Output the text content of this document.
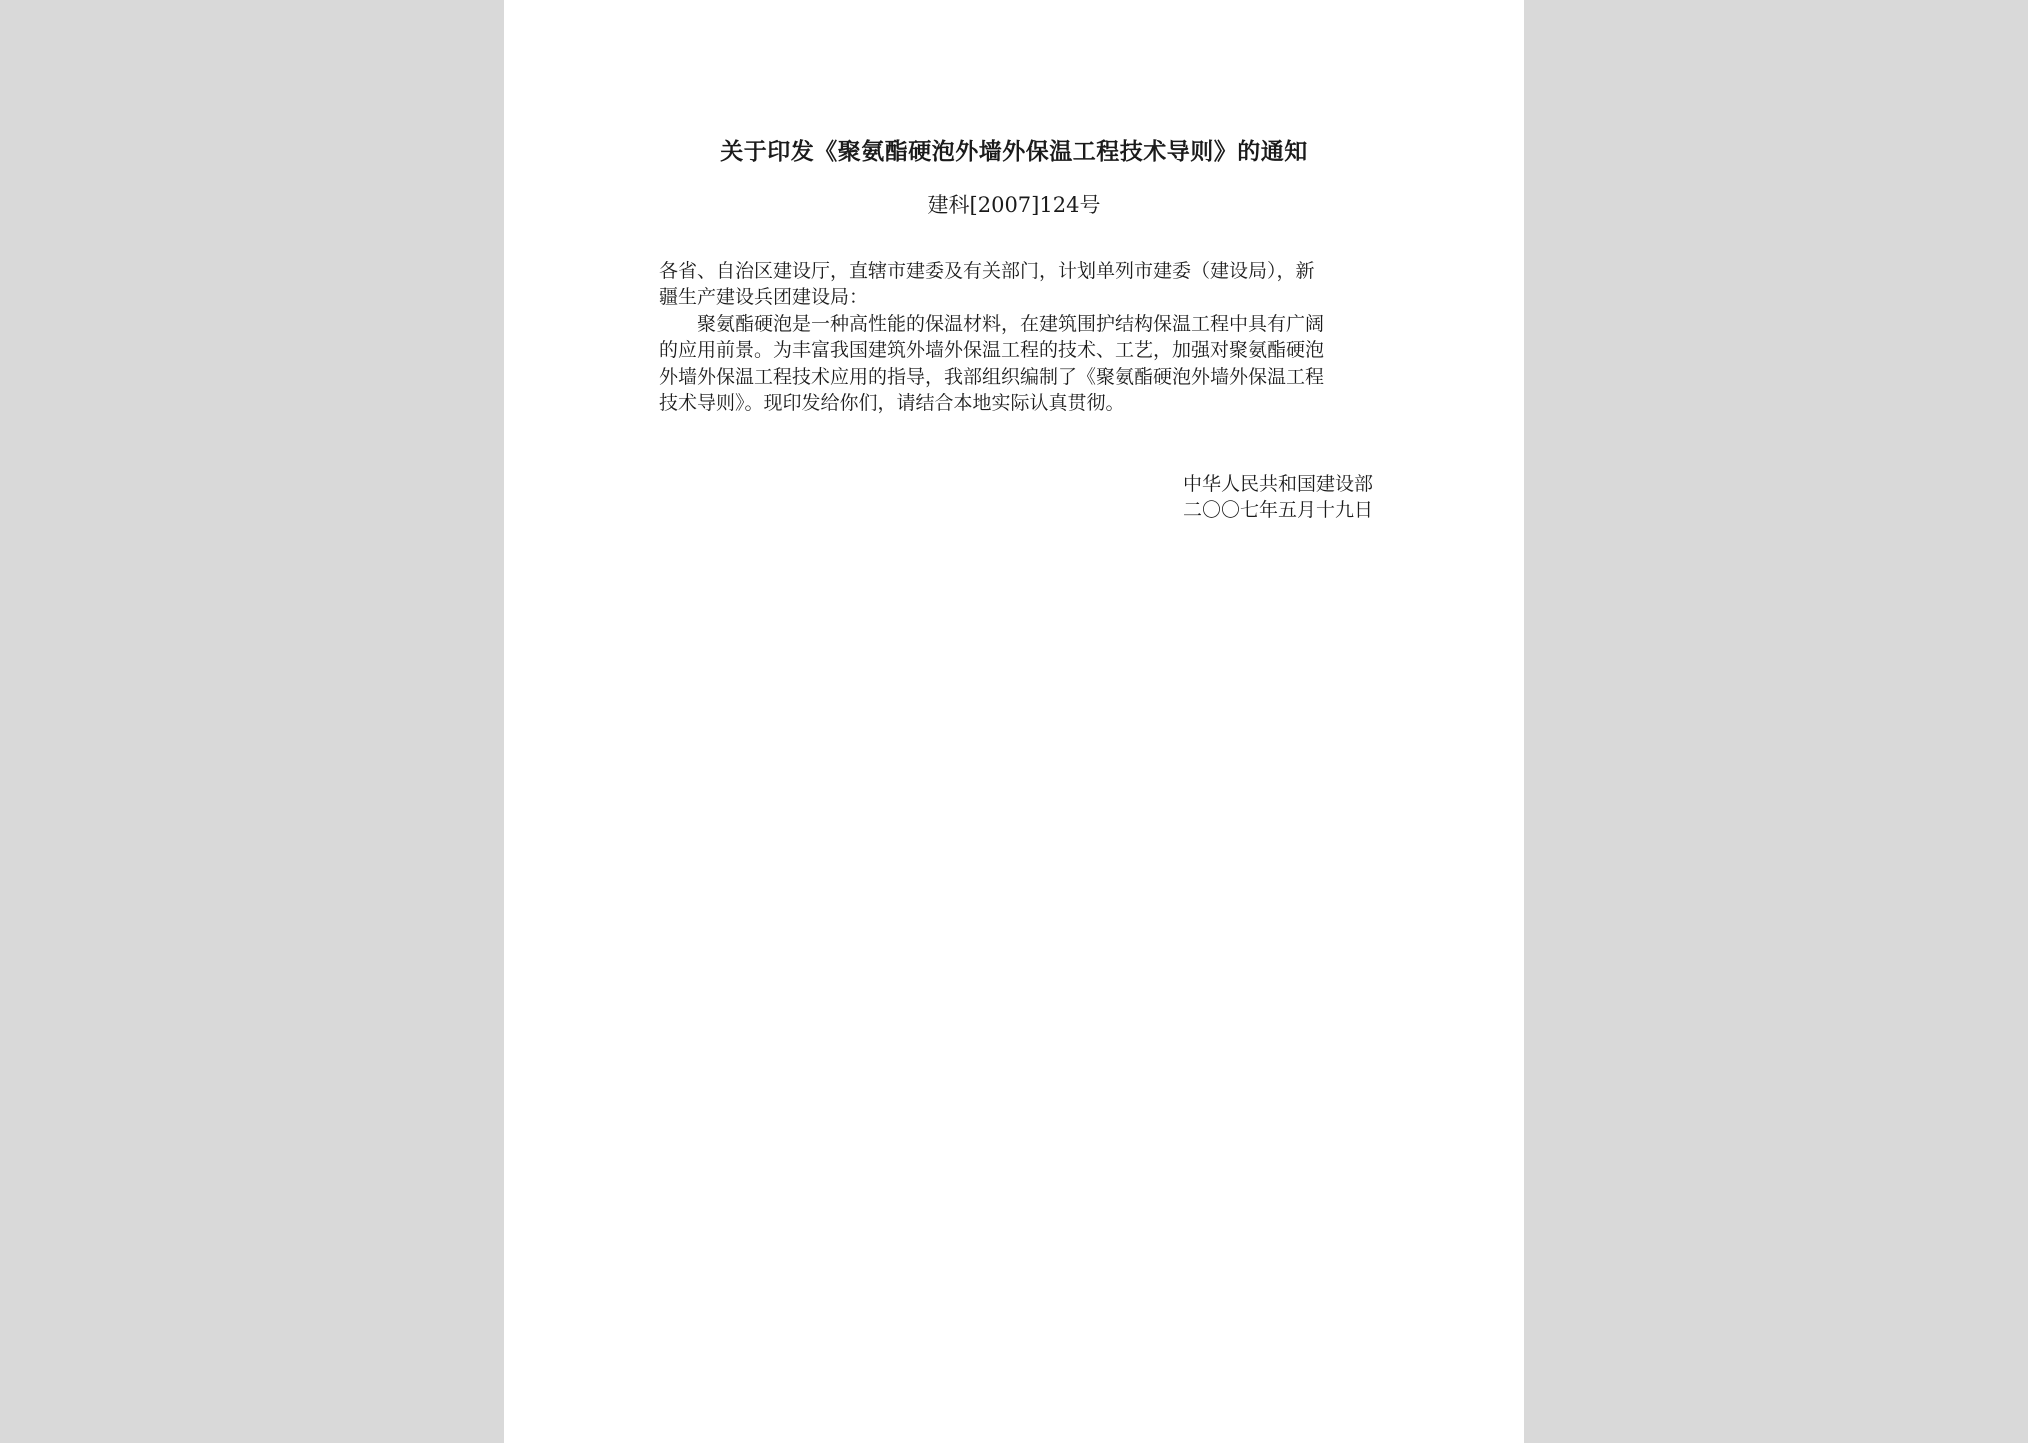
关于印发《聚氨酯硬泡外墙外保温工程技术导则》的通知
建科[2007]124号
各省、自治区建设厅，直辖市建委及有关部门，计划单列市建委（建设局），新
疆生产建设兵团建设局：
　　聚氨酯硬泡是一种高性能的保温材料，在建筑围护结构保温工程中具有广阔
的应用前景。为丰富我国建筑外墙外保温工程的技术、工艺，加强对聚氨酯硬泡
外墙外保温工程技术应用的指导，我部组织编制了《聚氨酯硬泡外墙外保温工程
技术导则》。现印发给你们，请结合本地实际认真贯彻。
中华人民共和国建设部
二〇〇七年五月十九日
